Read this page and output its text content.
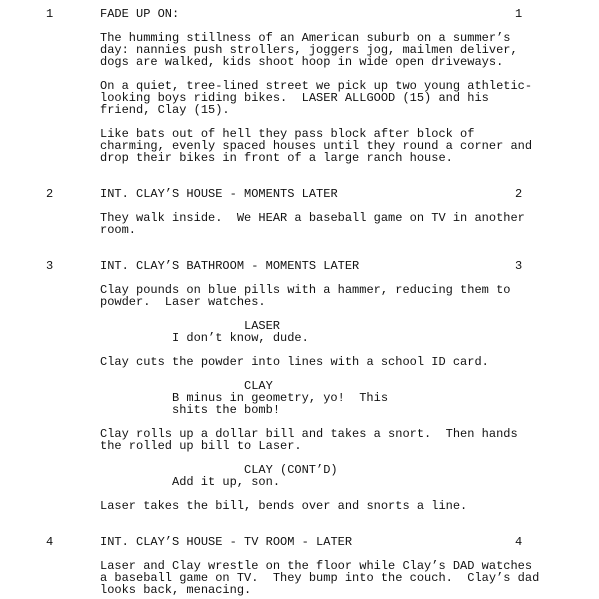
1	FADE UP ON:	1
The humming stillness of an American suburb on a summer’s
day: nannies push strollers, joggers jog, mailmen deliver,
dogs are walked, kids shoot hoop in wide open driveways.
On a quiet, tree-lined street we pick up two young athletic-
looking boys riding bikes.  LASER ALLGOOD (15) and his
friend, Clay (15).
Like bats out of hell they pass block after block of
charming, evenly spaced houses until they round a corner and
drop their bikes in front of a large ranch house.
2	INT. CLAY’S HOUSE - MOMENTS LATER	2
They walk inside.  We HEAR a baseball game on TV in another
room.
3	INT. CLAY’S BATHROOM - MOMENTS LATER	3
Clay pounds on blue pills with a hammer, reducing them to
powder.  Laser watches.
LASER
I don’t know, dude.
Clay cuts the powder into lines with a school ID card.
CLAY
B minus in geometry, yo!  This
shits the bomb!
Clay rolls up a dollar bill and takes a snort.  Then hands
the rolled up bill to Laser.
CLAY (CONT’D)
Add it up, son.
Laser takes the bill, bends over and snorts a line.
4	INT. CLAY’S HOUSE - TV ROOM - LATER	4
Laser and Clay wrestle on the floor while Clay’s DAD watches
a baseball game on TV.  They bump into the couch.  Clay’s dad
looks back, menacing.
